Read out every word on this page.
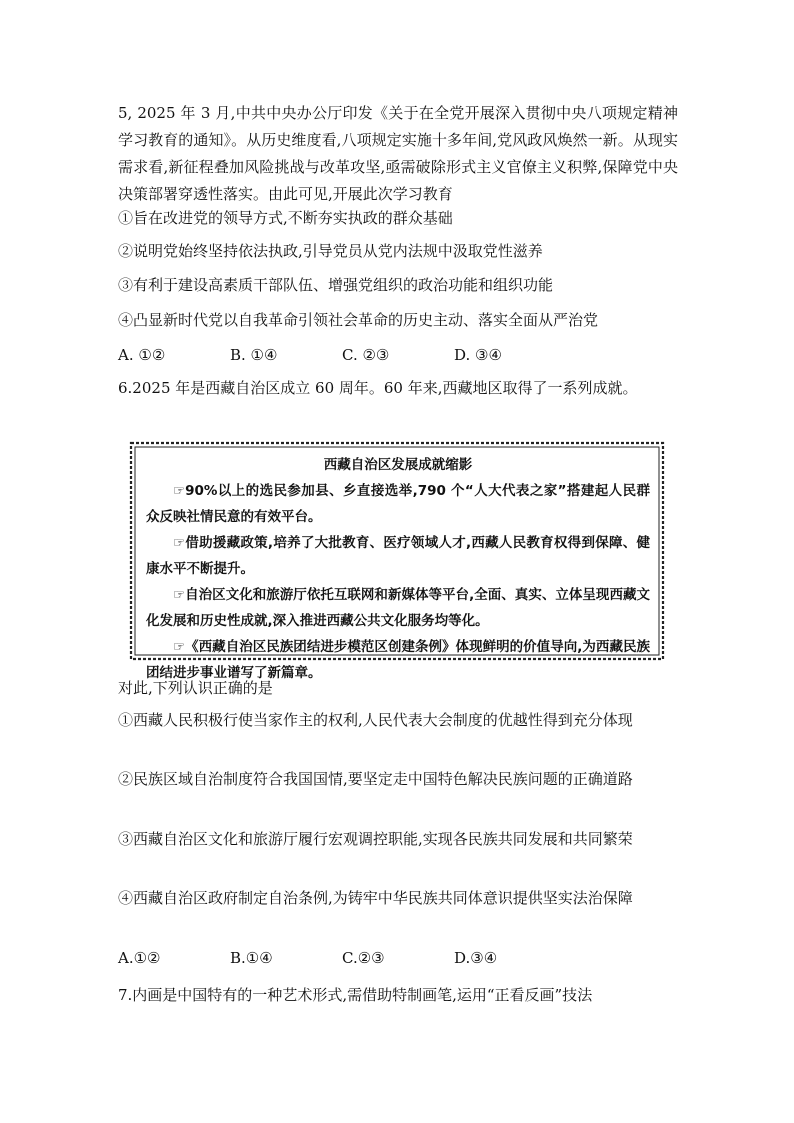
5, 2025 年 3 月,中共中央办公厅印发《关于在全党开展深入贯彻中央八项规定精神学习教育的通知》。从历史维度看,八项规定实施十多年间,党风政风焕然一新。从现实需求看,新征程叠加风险挑战与改革攻坚,亟需破除形式主义官僚主义积弊,保障党中央决策部署穿透性落实。由此可见,开展此次学习教育
①旨在改进党的领导方式,不断夯实执政的群众基础
②说明党始终坚持依法执政,引导党员从党内法规中汲取党性滋养
③有利于建设高素质干部队伍、增强党组织的政治功能和组织功能
④凸显新时代党以自我革命引领社会革命的历史主动、落实全面从严治党
A. ①②	B. ①④	C. ②③	D. ③④
6.2025 年是西藏自治区成立 60 周年。60 年来,西藏地区取得了一系列成就。
西藏自治区发展成就缩影
☞90%以上的选民参加县、乡直接选举,790 个“人大代表之家”搭建起人民群众反映社情民意的有效平台。
☞借助援藏政策,培养了大批教育、医疗领域人才,西藏人民教育权得到保障、健康水平不断提升。
☞自治区文化和旅游厅依托互联网和新媒体等平台,全面、真实、立体呈现西藏文化发展和历史性成就,深入推进西藏公共文化服务均等化。
☞《西藏自治区民族团结进步模范区创建条例》体现鲜明的价值导向,为西藏民族团结进步事业谱写了新篇章。
对此,下列认识正确的是
①西藏人民积极行使当家作主的权利,人民代表大会制度的优越性得到充分体现
②民族区域自治制度符合我国国情,要坚定走中国特色解决民族问题的正确道路
③西藏自治区文化和旅游厅履行宏观调控职能,实现各民族共同发展和共同繁荣
④西藏自治区政府制定自治条例,为铸牢中华民族共同体意识提供坚实法治保障
A.①②	B.①④	C.②③	D.③④
7.内画是中国特有的一种艺术形式,需借助特制画笔,运用“正看反画”技法
